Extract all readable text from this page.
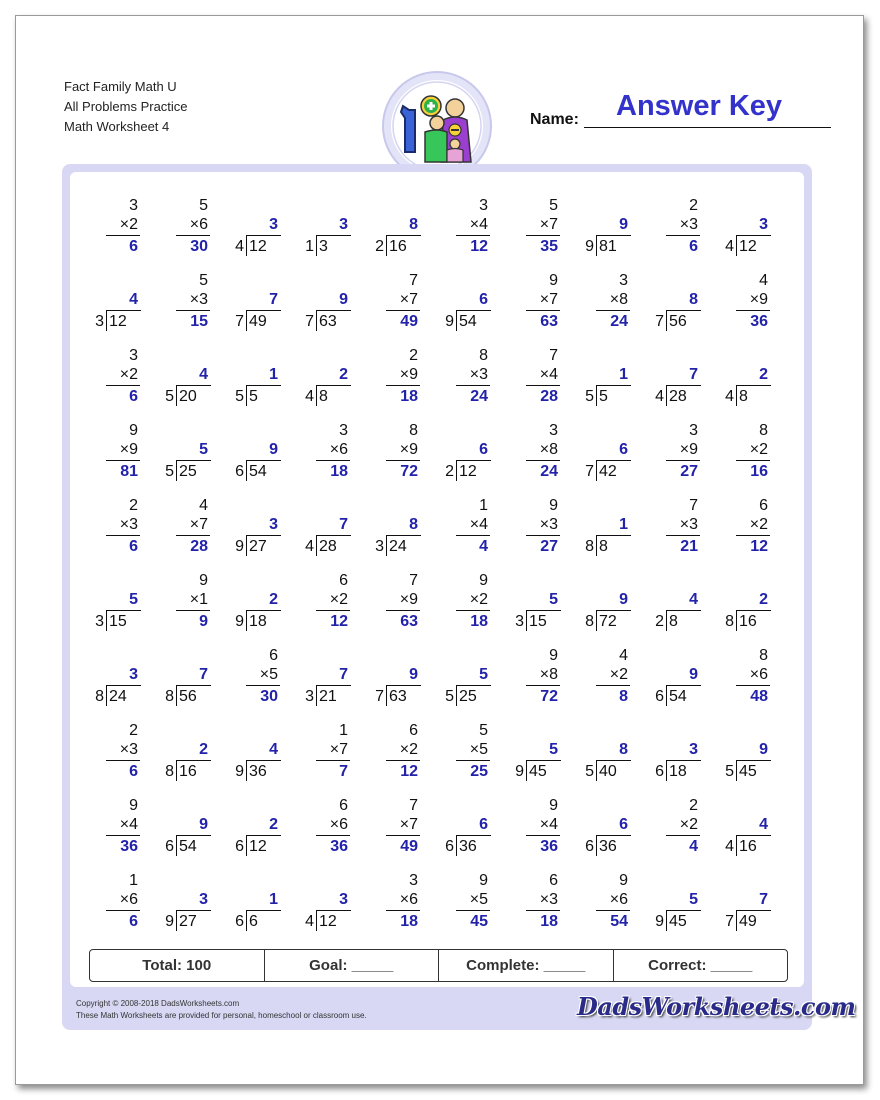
Fact Family Math U
All Problems Practice
Math Worksheet 4
Answer Key
Name:
3
×2
6
5
×6
30
3
4 12
3
1 3
8
2 16
3
×4
12
5
×7
35
9
9 81
2
×3
6
3
4 12
4
3 12
5
×3
15
7
7 49
9
7 63
7
×7
49
6
9 54
9
×7
63
3
×8
24
8
7 56
4
×9
36
3
×2
6
4
5 20
1
5 5
2
4 8
2
×9
18
8
×3
24
7
×4
28
1
5 5
7
4 28
2
4 8
9
×9
81
5
5 25
9
6 54
3
×6
18
8
×9
72
6
2 12
3
×8
24
6
7 42
3
×9
27
8
×2
16
2
×3
6
4
×7
28
3
9 27
7
4 28
8
3 24
1
×4
4
9
×3
27
1
8 8
7
×3
21
6
×2
12
5
3 15
9
×1
9
2
9 18
6
×2
12
7
×9
63
9
×2
18
5
3 15
9
8 72
4
2 8
2
8 16
3
8 24
7
8 56
6
×5
30
7
3 21
9
7 63
5
5 25
9
×8
72
4
×2
8
9
6 54
8
×6
48
2
×3
6
2
8 16
4
9 36
1
×7
7
6
×2
12
5
×5
25
5
9 45
8
5 40
3
6 18
9
5 45
9
×4
36
9
6 54
2
6 12
6
×6
36
7
×7
49
6
6 36
9
×4
36
6
6 36
2
×2
4
4
4 16
1
×6
6
3
9 27
1
6 6
3
4 12
3
×6
18
9
×5
45
6
×3
18
9
×6
54
5
9 45
7
7 49
Total: 100	Goal: _____	Complete: _____	Correct: _____
Copyright © 2008-2018 DadsWorksheets.com
These Math Worksheets are provided for personal, homeschool or classroom use.	DadsWorksheets.com
